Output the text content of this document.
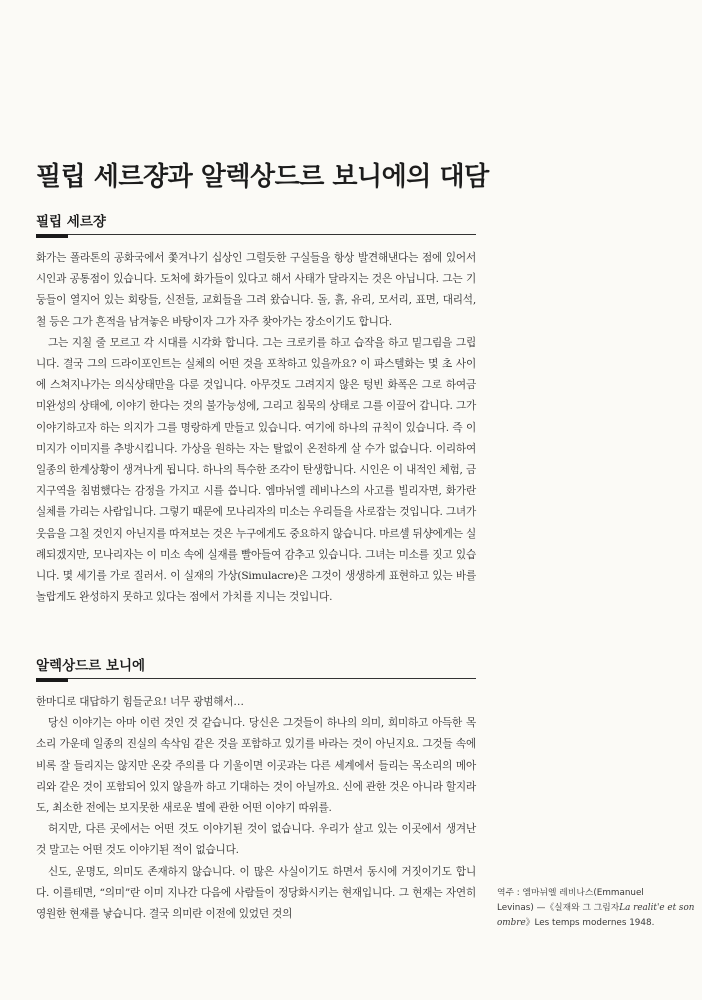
필립 세르쟝과 알렉상드르 보니에의 대담
필립 세르쟝

화가는 폴라톤의 공화국에서 쫓겨나기 십상인 그럴듯한 구실들을 항상 발견해낸다는 점에 있어서 시인과 공통점이 있습니다. 도처에 화가들이 있다고 해서 사태가 달라지는 것은 아닙니다. 그는 기둥들이 열지어 있는 회랑들, 신전들, 교회들을 그려 왔습니다. 돌, 흙, 유리, 모서리, 표면, 대리석, 철 등은 그가 흔적을 남겨놓은 바탕이자 그가 자주 찾아가는 장소이기도 합니다.

그는 지칠 줄 모르고 각 시대를 시각화 합니다. 그는 크로키를 하고 습작을 하고 밑그림을 그립니다. 결국 그의 드라이포인트는 실체의 어떤 것을 포착하고 있을까요? 이 파스텔화는 몇 초 사이에 스쳐지나가는 의식상태만을 다룬 것입니다. 아무것도 그려지지 않은 텅빈 화폭은 그로 하여금 미완성의 상태에, 이야기 한다는 것의 불가능성에, 그리고 침묵의 상태로 그를 이끌어 갑니다. 그가 이야기하고자 하는 의지가 그를 명랑하게 만들고 있습니다. 여기에 하나의 규칙이 있습니다. 즉 이미지가 이미지를 추방시킵니다. 가상을 원하는 자는 탈없이 온전하게 살 수가 없습니다. 이리하여 일종의 한계상황이 생겨나게 됩니다. 하나의 특수한 조각이 탄생합니다. 시인은 이 내적인 체험, 금지구역을 침범했다는 감정을 가지고 시를 씁니다. 엠마뉘엘 레비나스의 사고를 빌리자면, 화가란 실체를 가리는 사람입니다. 그렇기 때문에 모나리자의 미소는 우리들을 사로잡는 것입니다. 그녀가 웃음을 그칠 것인지 아닌지를 따져보는 것은 누구에게도 중요하지 않습니다. 마르셀 뒤샹에게는 실례되겠지만, 모나리자는 이 미소 속에 실재를 빨아들여 감추고 있습니다. 그녀는 미소를 짓고 있습니다. 몇 세기를 가로 질러서. 이 실재의 가상(Simulacre)은 그것이 생생하게 표현하고 있는 바를 놀랍게도 완성하지 못하고 있다는 점에서 가치를 지니는 것입니다.

알렉상드르 보니에

한마디로 대답하기 힘들군요! 너무 광범해서…

당신 이야기는 아마 이런 것인 것 같습니다. 당신은 그것들이 하나의 의미, 희미하고 아득한 목소리 가운데 일종의 진실의 속삭임 같은 것을 포함하고 있기를 바라는 것이 아닌지요. 그것들 속에 비록 잘 들리지는 않지만 온갖 주의를 다 기울이면 이곳과는 다른 세계에서 들리는 목소리의 메아리와 같은 것이 포함되어 있지 않을까 하고 기대하는 것이 아닐까요. 신에 관한 것은 아니라 할지라도, 최소한 전에는 보지못한 새로운 별에 관한 어떤 이야기 따위를.

허지만, 다른 곳에서는 어떤 것도 이야기된 것이 없습니다. 우리가 살고 있는 이곳에서 생겨난 것 말고는 어떤 것도 이야기된 적이 없습니다.

신도, 운명도, 의미도 존재하지 않습니다. 이 많은 사실이기도 하면서 동시에 거짓이기도 합니다. 이를테면, “의미”란 이미 지나간 다음에 사람들이 정당화시키는 현재입니다. 그 현재는 자연히 영원한 현재를 낳습니다. 결국 의미란 이전에 있었던 것의

역주 : 엠마뉘엘 레비나스(Emmanuel
Levinas) —《실재와 그 그림자La realit'e et son ombre》Les temps modernes 1948.
